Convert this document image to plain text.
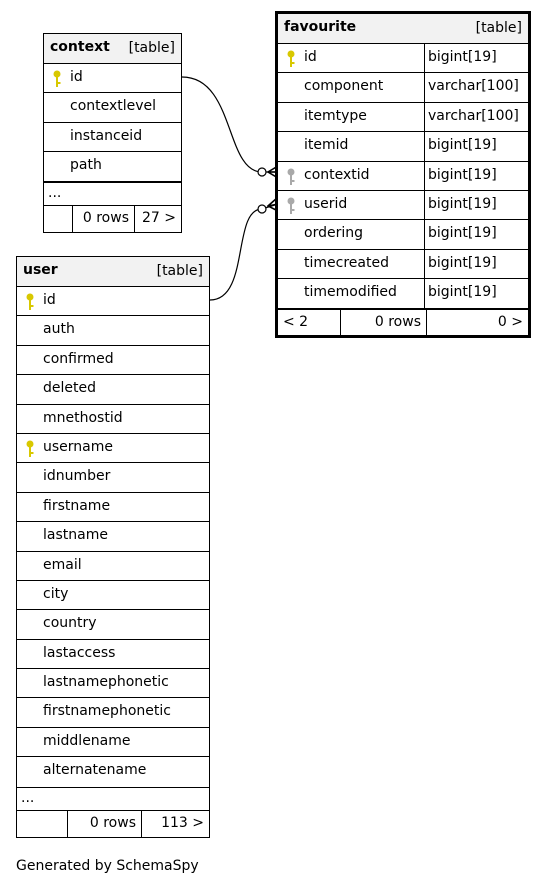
context [table]
id
contextlevel
instanceid
path
...
0 rows 27 >
favourite	[table]
id	bigint[19]
component	varchar[100]
itemtype	varchar[100]
itemid	bigint[19]
contextid	bigint[19]
userid	bigint[19]
ordering	bigint[19]
timecreated	bigint[19]
timemodified bigint[19]
< 2	0 rows	0 >
user	[table]
id
auth
confirmed
deleted
mnethostid
username
idnumber
firstname
lastname
email
city
country
lastaccess
lastnamephonetic
firstnamephonetic
middlename
alternatename
...
0 rows 113 >
Generated by SchemaSpy
